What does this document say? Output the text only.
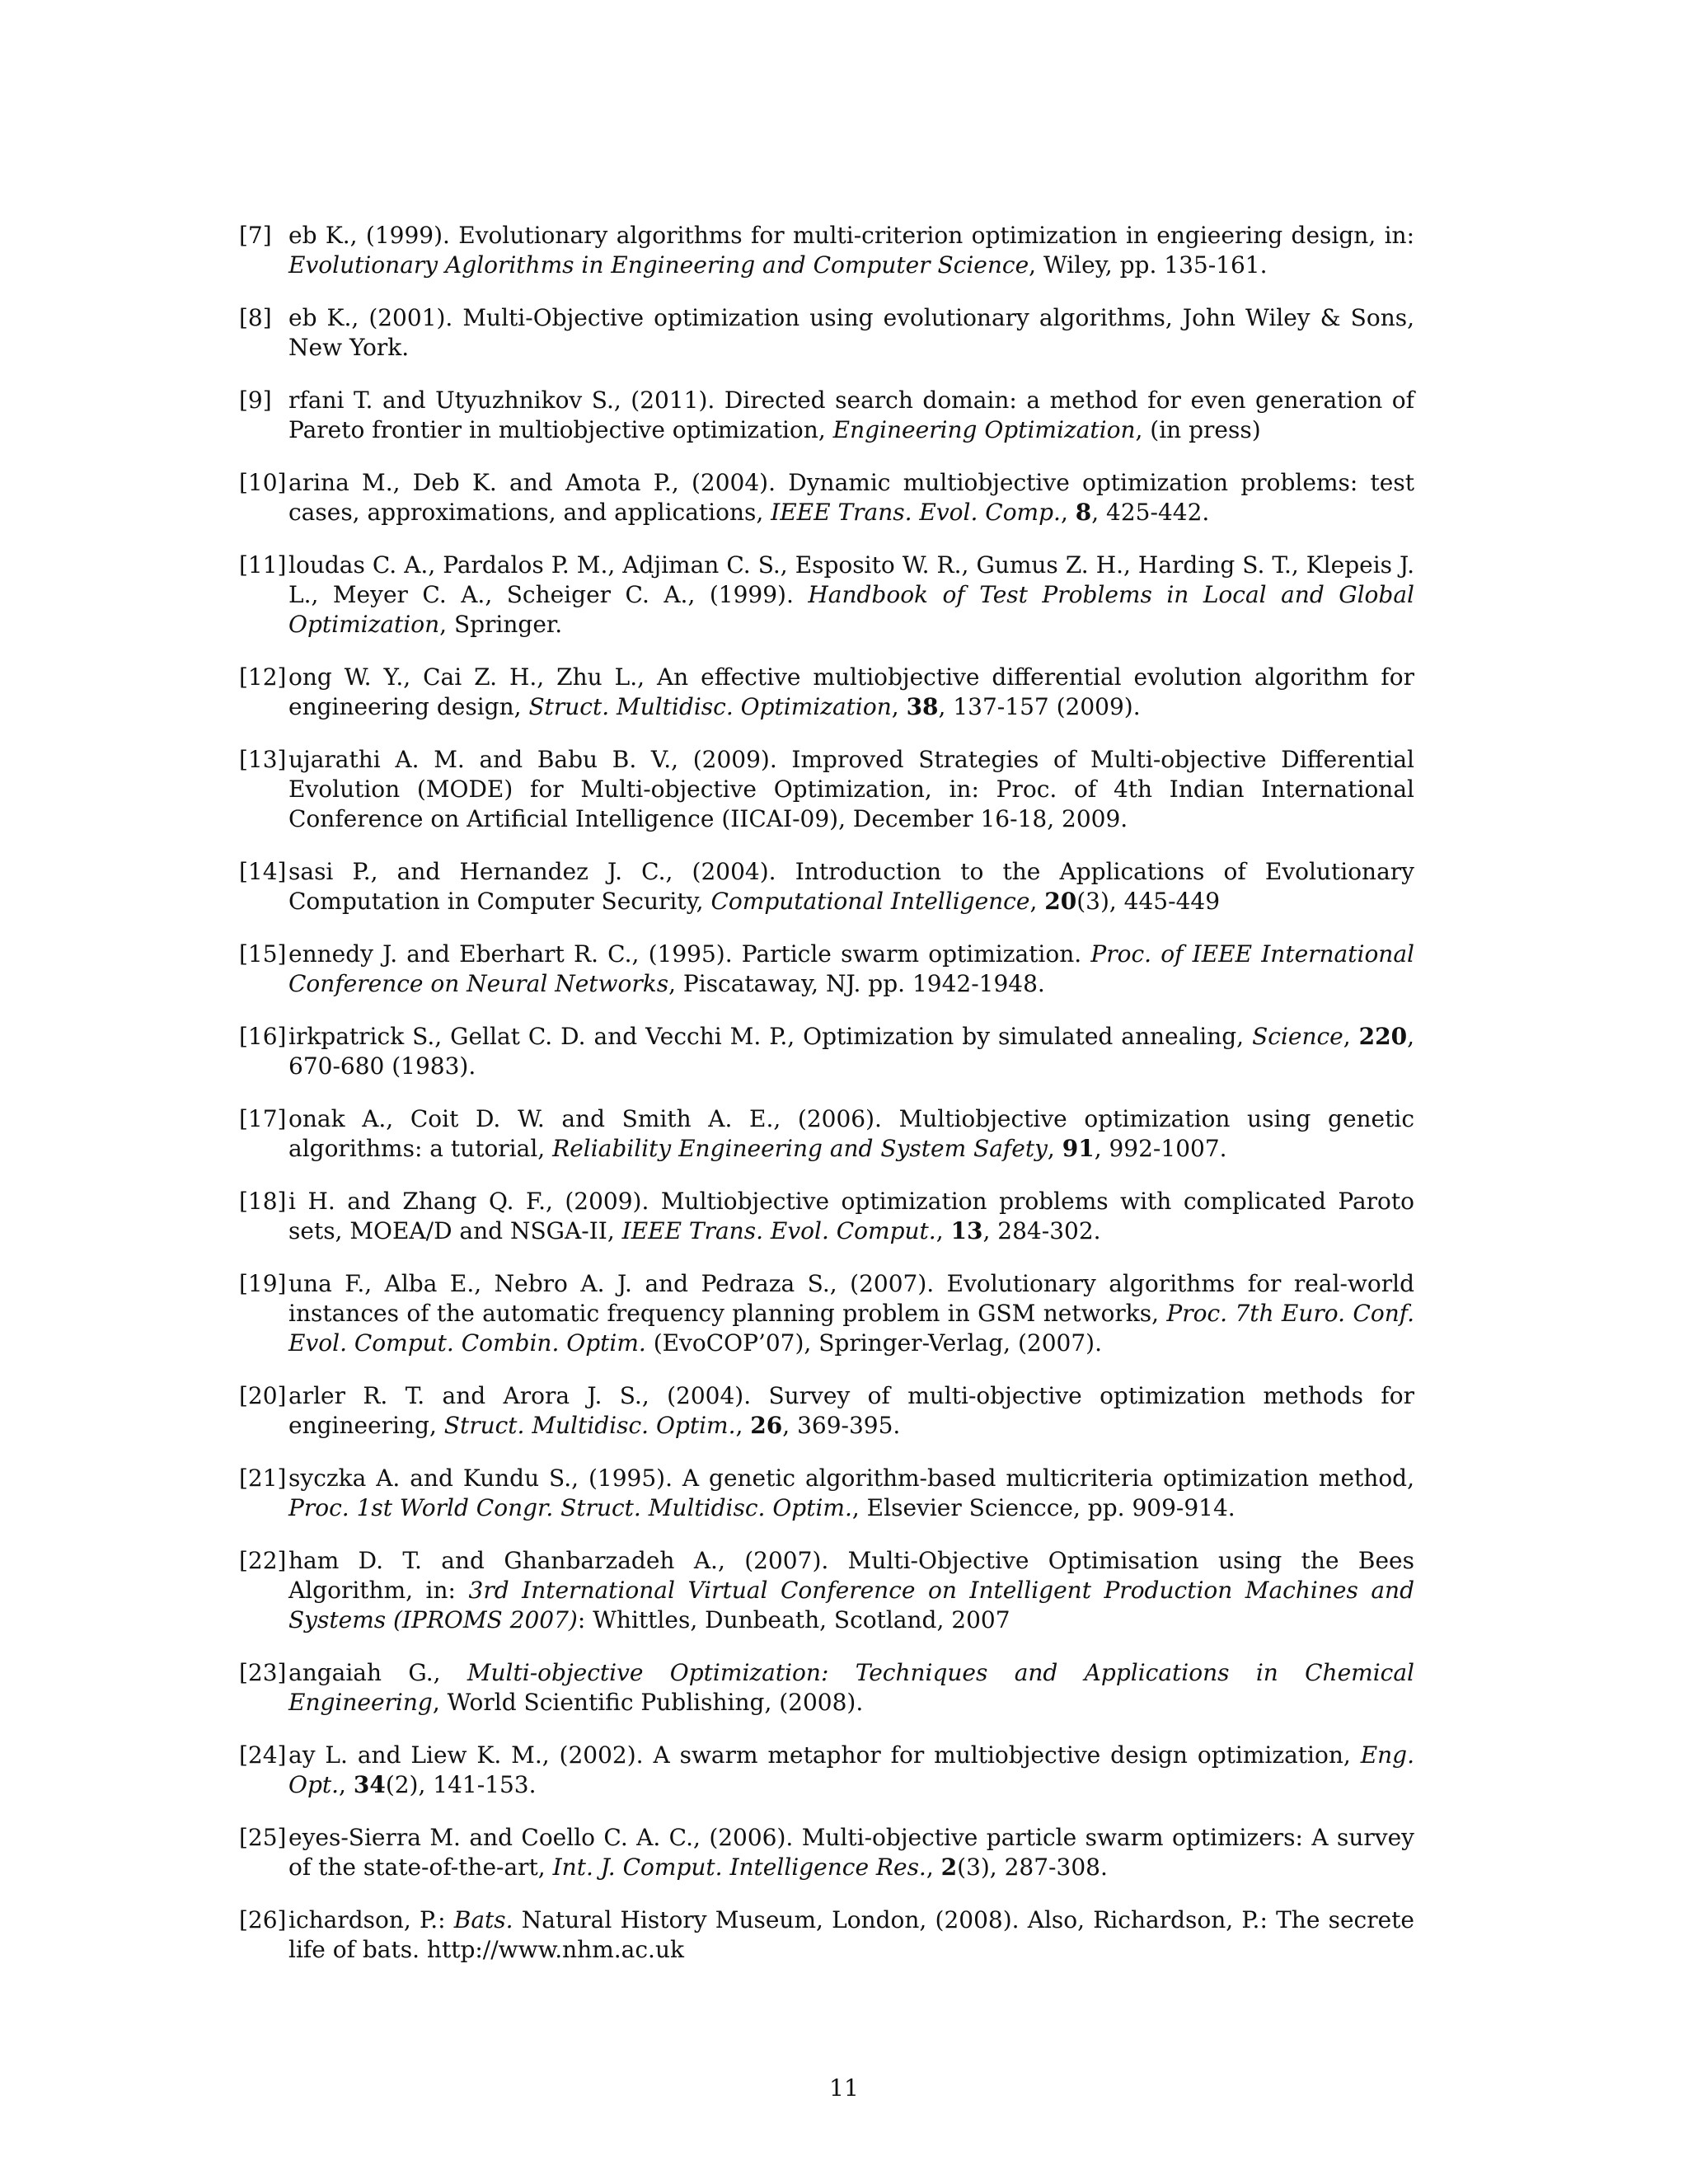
[7] eb K., (1999). Evolutionary algorithms for multi-criterion optimization in engieering design, in: Evolutionary Aglorithms in Engineering and Computer Science, Wiley, pp. 135-161.
[8] eb K., (2001). Multi-Objective optimization using evolutionary algorithms, John Wiley & Sons, New York.
[9] rfani T. and Utyuzhnikov S., (2011). Directed search domain: a method for even generation of Pareto frontier in multiobjective optimization, Engineering Optimization, (in press)
[10] arina M., Deb K. and Amota P., (2004). Dynamic multiobjective optimization problems: test cases, approximations, and applications, IEEE Trans. Evol. Comp., 8, 425-442.
[11] loudas C. A., Pardalos P. M., Adjiman C. S., Esposito W. R., Gumus Z. H., Harding S. T., Klepeis J. L., Meyer C. A., Scheiger C. A., (1999). Handbook of Test Problems in Local and Global Optimization, Springer.
[12] ong W. Y., Cai Z. H., Zhu L., An effective multiobjective differential evolution algorithm for engineering design, Struct. Multidisc. Optimization, 38, 137-157 (2009).
[13] ujarathi A. M. and Babu B. V., (2009). Improved Strategies of Multi-objective Differential Evolution (MODE) for Multi-objective Optimization, in: Proc. of 4th Indian International Conference on Artificial Intelligence (IICAI-09), December 16-18, 2009.
[14] sasi P., and Hernandez J. C., (2004). Introduction to the Applications of Evolutionary Computation in Computer Security, Computational Intelligence, 20(3), 445-449
[15] ennedy J. and Eberhart R. C., (1995). Particle swarm optimization. Proc. of IEEE International Conference on Neural Networks, Piscataway, NJ. pp. 1942-1948.
[16] irkpatrick S., Gellat C. D. and Vecchi M. P., Optimization by simulated annealing, Science, 220, 670-680 (1983).
[17] onak A., Coit D. W. and Smith A. E., (2006). Multiobjective optimization using genetic algorithms: a tutorial, Reliability Engineering and System Safety, 91, 992-1007.
[18] i H. and Zhang Q. F., (2009). Multiobjective optimization problems with complicated Paroto sets, MOEA/D and NSGA-II, IEEE Trans. Evol. Comput., 13, 284-302.
[19] una F., Alba E., Nebro A. J. and Pedraza S., (2007). Evolutionary algorithms for real-world instances of the automatic frequency planning problem in GSM networks, Proc. 7th Euro. Conf. Evol. Comput. Combin. Optim. (EvoCOP’07), Springer-Verlag, (2007).
[20] arler R. T. and Arora J. S., (2004). Survey of multi-objective optimization methods for engineering, Struct. Multidisc. Optim., 26, 369-395.
[21] syczka A. and Kundu S., (1995). A genetic algorithm-based multicriteria optimization method, Proc. 1st World Congr. Struct. Multidisc. Optim., Elsevier Sciencce, pp. 909-914.
[22] ham D. T. and Ghanbarzadeh A., (2007). Multi-Objective Optimisation using the Bees Algorithm, in: 3rd International Virtual Conference on Intelligent Production Machines and Systems (IPROMS 2007): Whittles, Dunbeath, Scotland, 2007
[23] angaiah G., Multi-objective Optimization: Techniques and Applications in Chemical Engineering, World Scientific Publishing, (2008).
[24] ay L. and Liew K. M., (2002). A swarm metaphor for multiobjective design optimization, Eng. Opt., 34(2), 141-153.
[25] eyes-Sierra M. and Coello C. A. C., (2006). Multi-objective particle swarm optimizers: A survey of the state-of-the-art, Int. J. Comput. Intelligence Res., 2(3), 287-308.
[26] ichardson, P.: Bats. Natural History Museum, London, (2008). Also, Richardson, P.: The secrete life of bats. http://www.nhm.ac.uk
11
